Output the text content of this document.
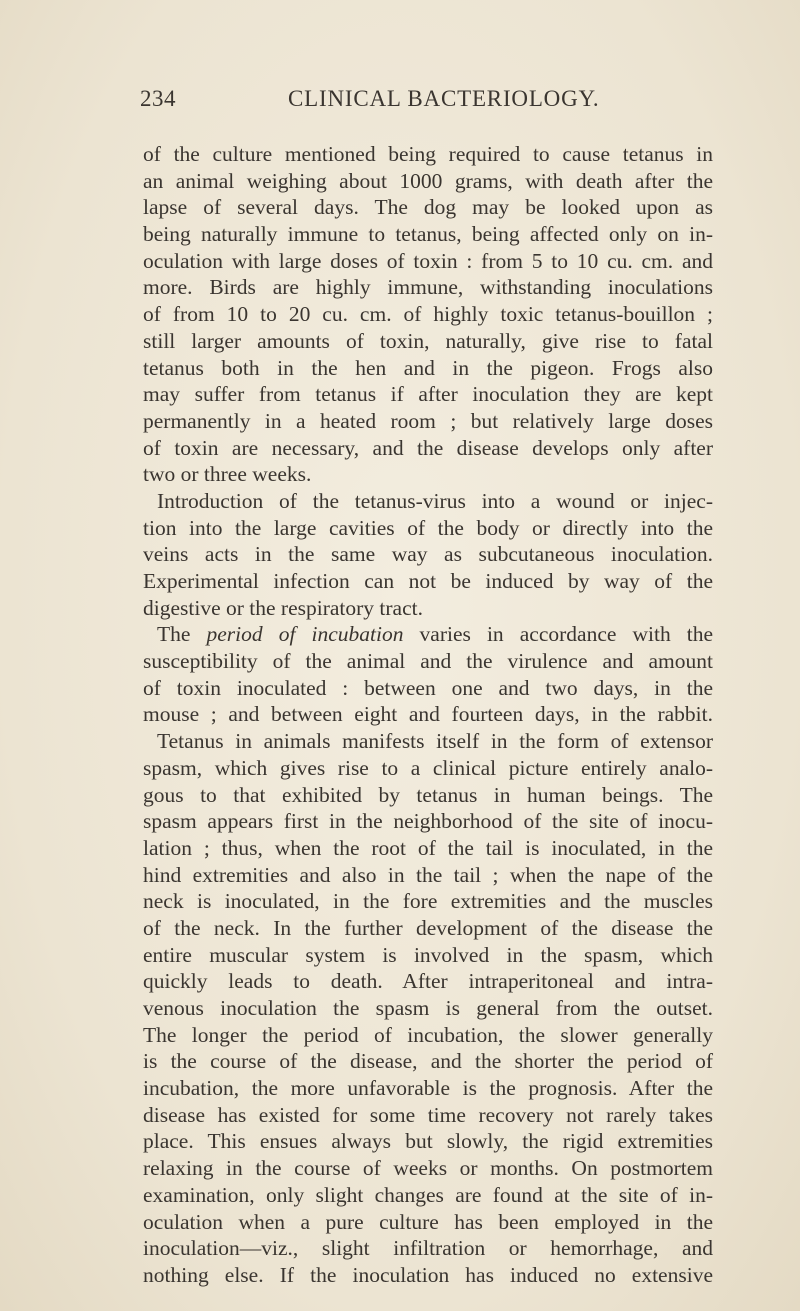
234	CLINICAL BACTERIOLOGY.
of the culture mentioned being required to cause tetanus in
an animal weighing about 1000 grams, with death after the
lapse of several days. The dog may be looked upon as
being naturally immune to tetanus, being affected only on in-
oculation with large doses of toxin : from 5 to 10 cu. cm. and
more. Birds are highly immune, withstanding inoculations
of from 10 to 20 cu. cm. of highly toxic tetanus-bouillon ;
still larger amounts of toxin, naturally, give rise to fatal
tetanus both in the hen and in the pigeon. Frogs also
may suffer from tetanus if after inoculation they are kept
permanently in a heated room ; but relatively large doses
of toxin are necessary, and the disease develops only after
two or three weeks.
Introduction of the tetanus-virus into a wound or injec-
tion into the large cavities of the body or directly into the
veins acts in the same way as subcutaneous inoculation.
Experimental infection can not be induced by way of the
digestive or the respiratory tract.
The period of incubation varies in accordance with the
susceptibility of the animal and the virulence and amount
of toxin inoculated : between one and two days, in the
mouse ; and between eight and fourteen days, in the rabbit.
Tetanus in animals manifests itself in the form of extensor
spasm, which gives rise to a clinical picture entirely analo-
gous to that exhibited by tetanus in human beings. The
spasm appears first in the neighborhood of the site of inocu-
lation ; thus, when the root of the tail is inoculated, in the
hind extremities and also in the tail ; when the nape of the
neck is inoculated, in the fore extremities and the muscles
of the neck. In the further development of the disease the
entire muscular system is involved in the spasm, which
quickly leads to death. After intraperitoneal and intra-
venous inoculation the spasm is general from the outset.
The longer the period of incubation, the slower generally
is the course of the disease, and the shorter the period of
incubation, the more unfavorable is the prognosis. After the
disease has existed for some time recovery not rarely takes
place. This ensues always but slowly, the rigid extremities
relaxing in the course of weeks or months. On postmortem
examination, only slight changes are found at the site of in-
oculation when a pure culture has been employed in the
inoculation—viz., slight infiltration or hemorrhage, and
nothing else. If the inoculation has induced no extensive
